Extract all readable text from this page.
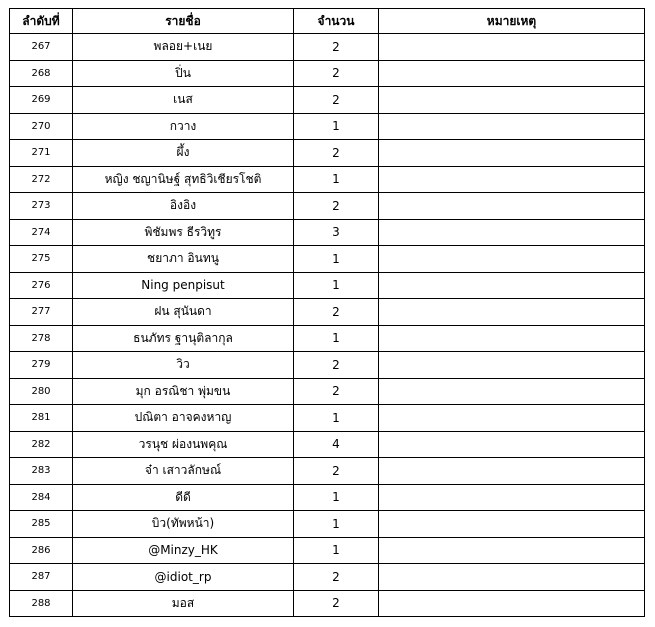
ลำดับที่	รายชื่อ	จำนวน	หมายเหตุ
267	พลอย+เนย	2	
268	ปิ่น	2	
269	เนส	2	
270	กวาง	1	
271	ผึ้ง	2	
272	หญิง ชญานิษฐ์ สุทธิวิเชียรโชติ	1	
273	อิงอิง	2	
274	พิชัมพร ธีรวิทูร	3	
275	ชยาภา อินทนู	1	
276	Ning penpisut	1	
277	ฝน สุนันดา	2	
278	ธนภัทร ฐานุติลากุล	1	
279	วิว	2	
280	มุก อรณิชา พุ่มขน	2	
281	ปณิตา อาจคงหาญ	1	
282	วรนุช ผ่องนพคุณ	4	
283	จ๋า เสาวลักษณ์	2	
284	ดีดี	1	
285	บิว(ทัพหน้า)	1	
286	@Minzy_HK	1	
287	@idiot_rp	2	
288	มอส	2	
